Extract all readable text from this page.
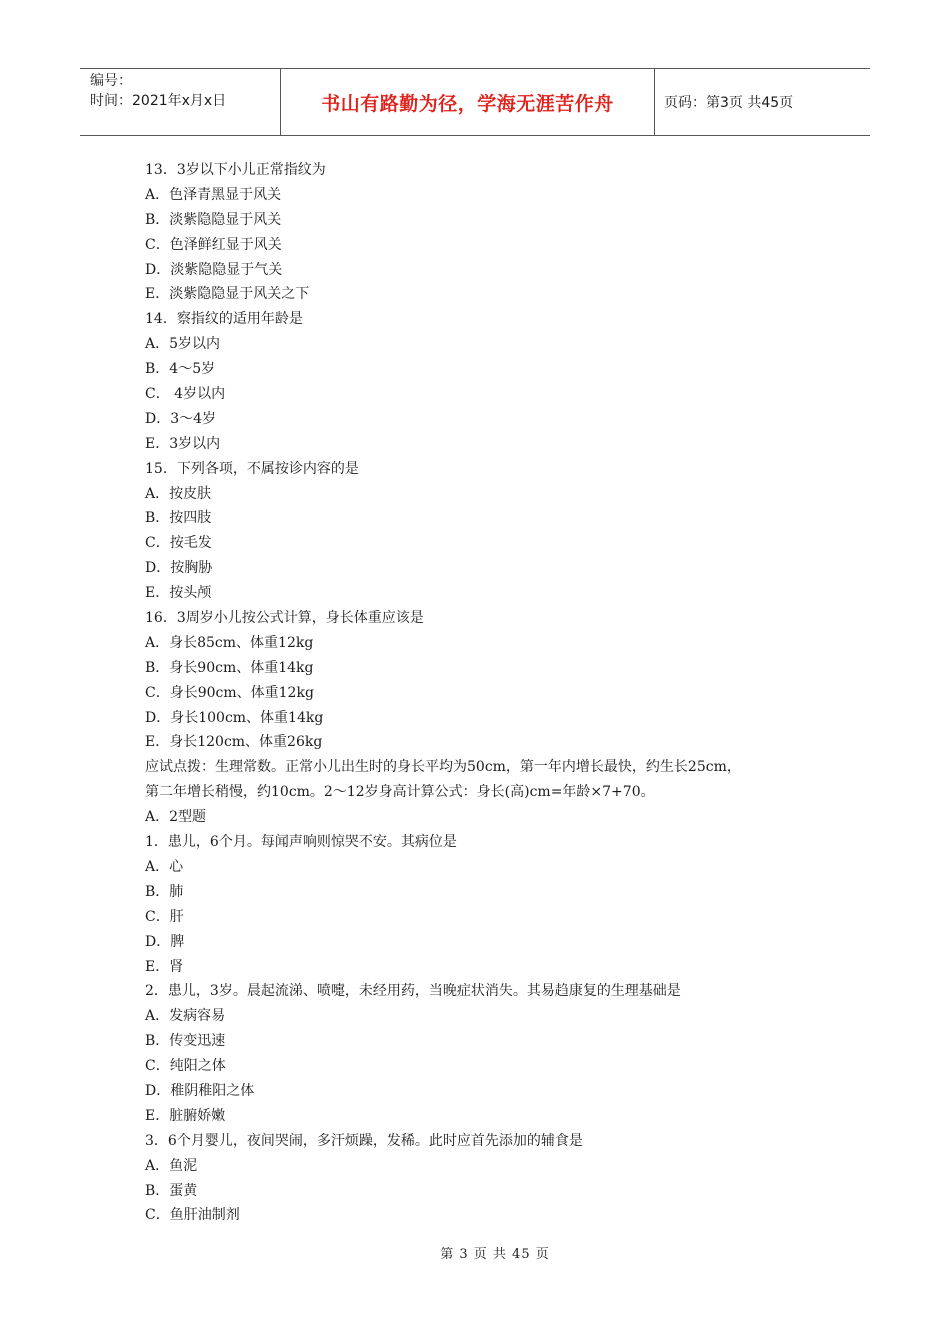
编号：
时间：2021年x月x日	书山有路勤为径，学海无涯苦作舟	页码：第3页 共45页
13．3岁以下小儿正常指纹为
A．色泽青黑显于风关
B．淡紫隐隐显于风关
C．色泽鲜红显于风关
D．淡紫隐隐显于气关
E．淡紫隐隐显于风关之下
14．察指纹的适用年龄是
A．5岁以内
B．4～5岁
C． 4岁以内
D．3～4岁
E．3岁以内
15．下列各项，不属按诊内容的是
A．按皮肤
B．按四肢
C．按毛发
D．按胸胁
E．按头颅
16．3周岁小儿按公式计算，身长体重应该是
A．身长85cm、体重12kg
B．身长90cm、体重14kg
C．身长90cm、体重12kg
D．身长100cm、体重14kg
E．身长120cm、体重26kg
应试点拨：生理常数。正常小儿出生时的身长平均为50cm，第一年内增长最快，约生长25cm，
第二年增长稍慢，约10cm。2～12岁身高计算公式：身长(高)cm=年龄×7+70。
A．2型题
1．患儿，6个月。每闻声响则惊哭不安。其病位是
A．心
B．肺
C．肝
D．脾
E．肾
2．患儿，3岁。晨起流涕、喷嚏，未经用药，当晚症状消失。其易趋康复的生理基础是
A．发病容易
B．传变迅速
C．纯阳之体
D．稚阴稚阳之体
E．脏腑娇嫩
3．6个月婴儿，夜间哭闹，多汗烦躁，发稀。此时应首先添加的辅食是
A．鱼泥
B．蛋黄
C．鱼肝油制剂
第 3 页 共 45 页
